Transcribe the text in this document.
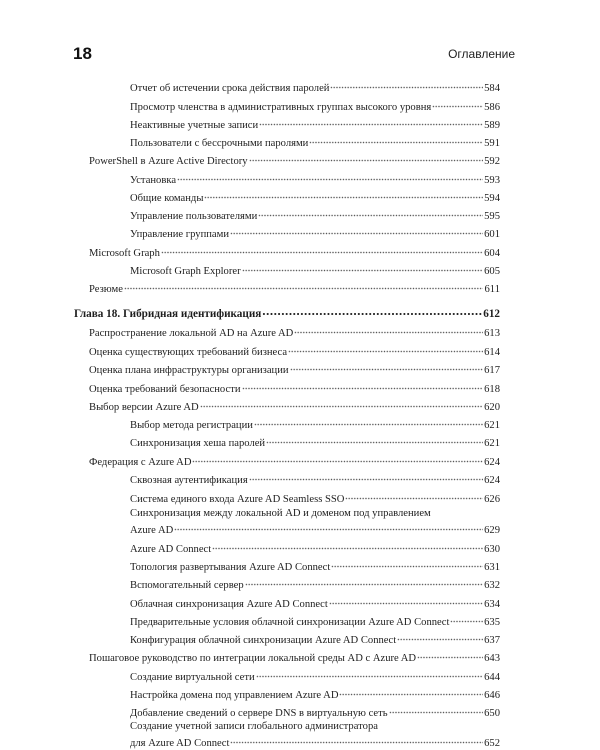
18	Оглавление
Отчет об истечении срока действия паролей	584
Просмотр членства в административных группах высокого уровня	586
Неактивные учетные записи	589
Пользователи с бессрочными паролями	591
PowerShell в Azure Active Directory	592
Установка	593
Общие команды	594
Управление пользователями	595
Управление группами	601
Microsoft Graph	604
Microsoft Graph Explorer	605
Резюме	611
Глава 18. Гибридная идентификация	612
Распространение локальной AD на Azure AD	613
Оценка существующих требований бизнеса	614
Оценка плана инфраструктуры организации	617
Оценка требований безопасности	618
Выбор версии Azure AD	620
Выбор метода регистрации	621
Синхронизация хеша паролей	621
Федерация с Azure AD	624
Сквозная аутентификация	624
Система единого входа Azure AD Seamless SSO	626
Синхронизация между локальной AD и доменом под управлением
Azure AD	629
Azure AD Connect	630
Топология развертывания Azure AD Connect	631
Вспомогательный сервер	632
Облачная синхронизация Azure AD Connect	634
Предварительные условия облачной синхронизации Azure AD Connect	635
Конфигурация облачной синхронизации Azure AD Connect	637
Пошаговое руководство по интеграции локальной среды AD с Azure AD	643
Создание виртуальной сети	644
Настройка домена под управлением Azure AD	646
Добавление сведений о сервере DNS в виртуальную сеть	650
Создание учетной записи глобального администратора
для Azure AD Connect	652
